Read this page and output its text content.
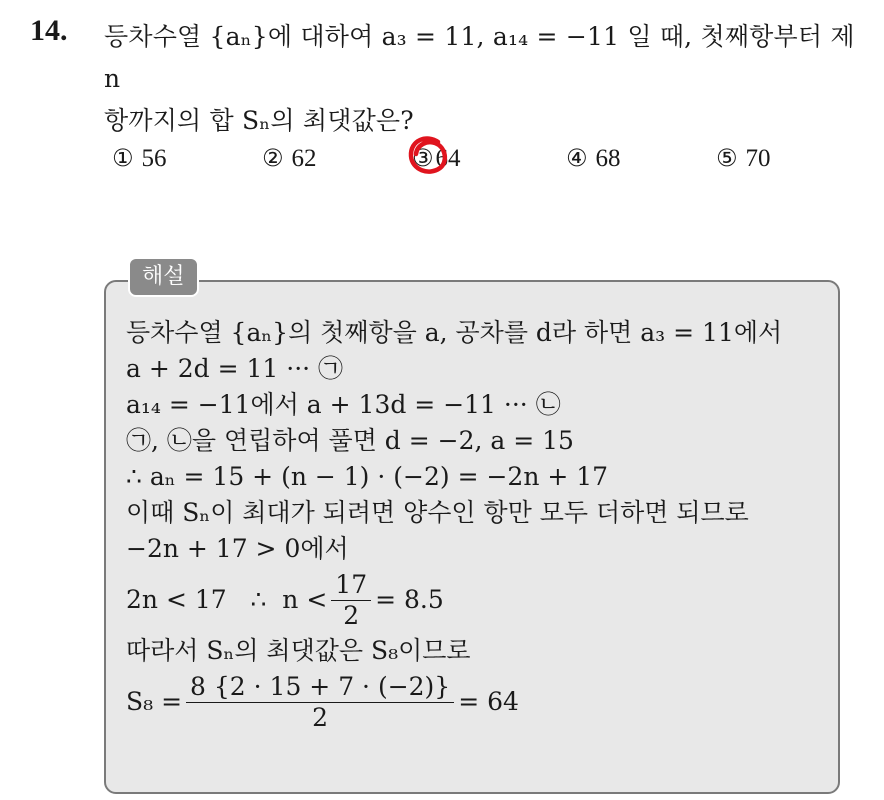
14. 등차수열 {aₙ}에 대하여 a₃ = 11, a₁₄ = −11 일 때, 첫째항부터 제 n
항까지의 합 Sₙ의 최댓값은?
① 56	② 62	③64	④ 68	⑤ 70
해설
등차수열 {aₙ}의 첫째항을 a, 공차를 d라 하면 a₃ = 11에서
a + 2d = 11 ··· ㉠
a₁₄ = −11에서 a + 13d = −11 ··· ㉡
㉠, ㉡을 연립하여 풀면 d = −2, a = 15
∴ aₙ = 15 + (n − 1) · (−2) = −2n + 17
이때 Sₙ이 최대가 되려면 양수인 항만 모두 더하면 되므로
−2n + 17 > 0에서
2n < 17   ∴  $n < \frac{17}{2} = 8.5$
따라서 Sₙ의 최댓값은 S₈이므로
$S_8 = \frac{8 \{2 \cdot 15 + 7 \cdot (-2)\}}{2} = 64$
